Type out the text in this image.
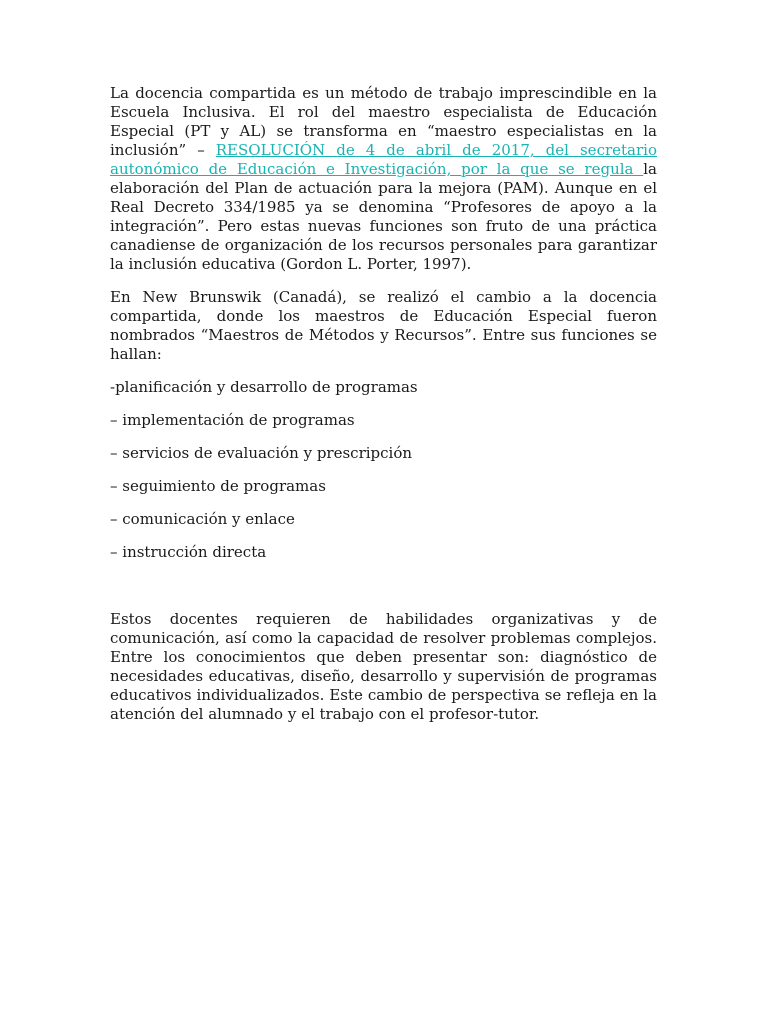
La docencia compartida es un método de trabajo imprescindible en la Escuela Inclusiva. El rol del maestro especialista de Educación Especial (PT y AL) se transforma en “maestro especialistas en la inclusión” – RESOLUCIÓN de 4 de abril de 2017, del secretario autonómico de Educación e Investigación, por la que se regula la elaboración del Plan de actuación para la mejora (PAM). Aunque en el Real Decreto 334/1985 ya se denomina “Profesores de apoyo a la integración”. Pero estas nuevas funciones son fruto de una práctica canadiense de organización de los recursos personales para garantizar la inclusión educativa (Gordon L. Porter, 1997).

En New Brunswik (Canadá), se realizó el cambio a la docencia compartida, donde los maestros de Educación Especial fueron nombrados “Maestros de Métodos y Recursos”. Entre sus funciones se hallan:

-planificación y desarrollo de programas

– implementación de programas

– servicios de evaluación y prescripción

– seguimiento de programas

– comunicación y enlace

– instrucción directa

Estos docentes requieren de habilidades organizativas y de comunicación, así como la capacidad de resolver problemas complejos. Entre los conocimientos que deben presentar son: diagnóstico de necesidades educativas, diseño, desarrollo y supervisión de programas educativos individualizados. Este cambio de perspectiva se refleja en la atención del alumnado y el trabajo con el profesor-tutor.
